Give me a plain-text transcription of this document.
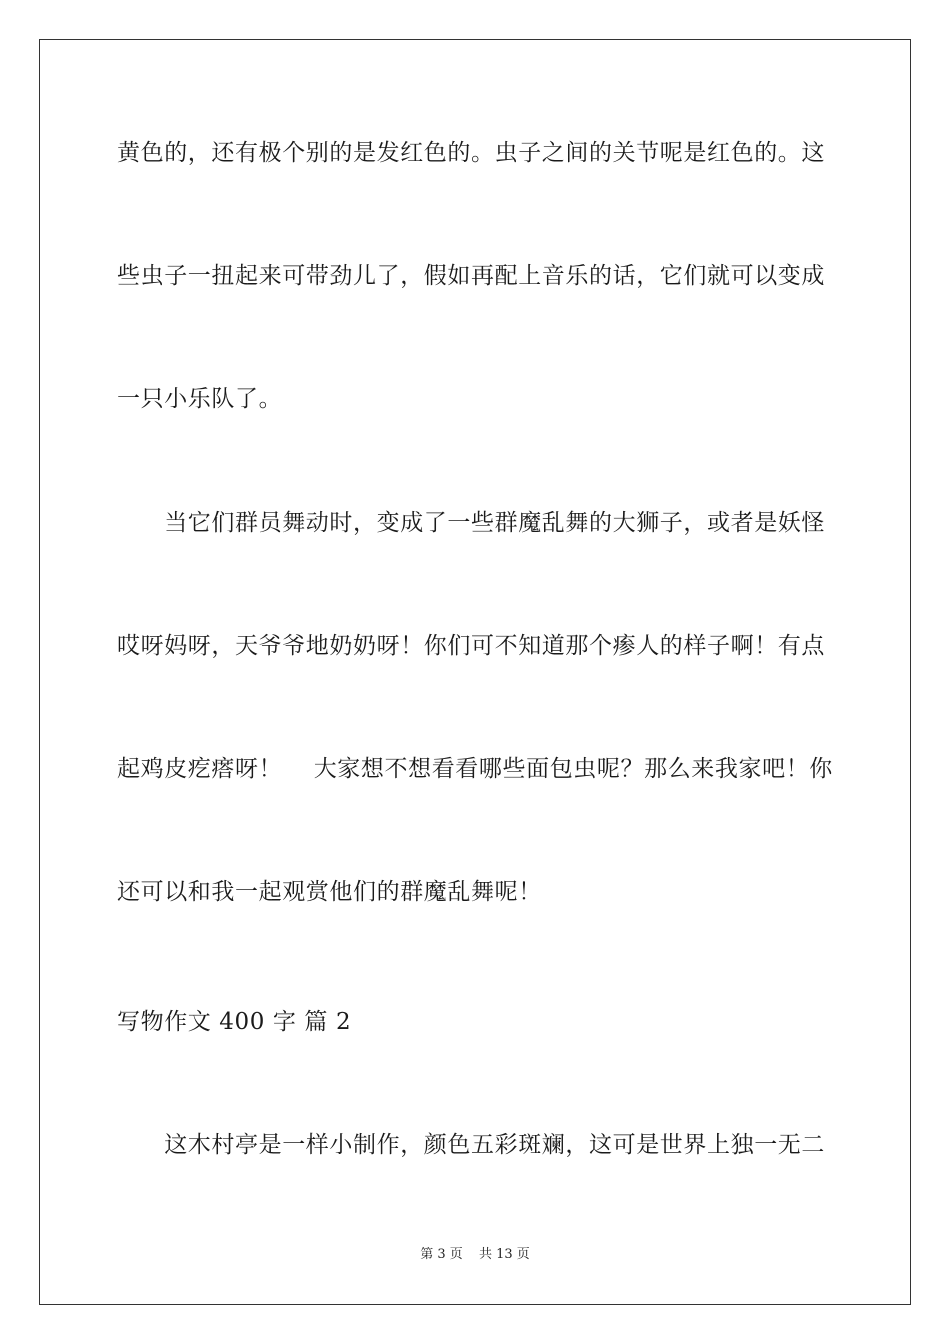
黄色的，还有极个别的是发红色的。虫子之间的关节呢是红色的。这
些虫子一扭起来可带劲儿了，假如再配上音乐的话，它们就可以变成
一只小乐队了。
　　当它们群员舞动时，变成了一些群魔乱舞的大狮子，或者是妖怪
哎呀妈呀，天爷爷地奶奶呀！你们可不知道那个瘆人的样子啊！有点
起鸡皮疙瘩呀！　 大家想不想看看哪些面包虫呢？那么来我家吧！你
还可以和我一起观赏他们的群魔乱舞呢！
写物作文 400 字 篇 2
　　这木村亭是一样小制作，颜色五彩斑斓，这可是世界上独一无二
第 3 页 共 13 页
